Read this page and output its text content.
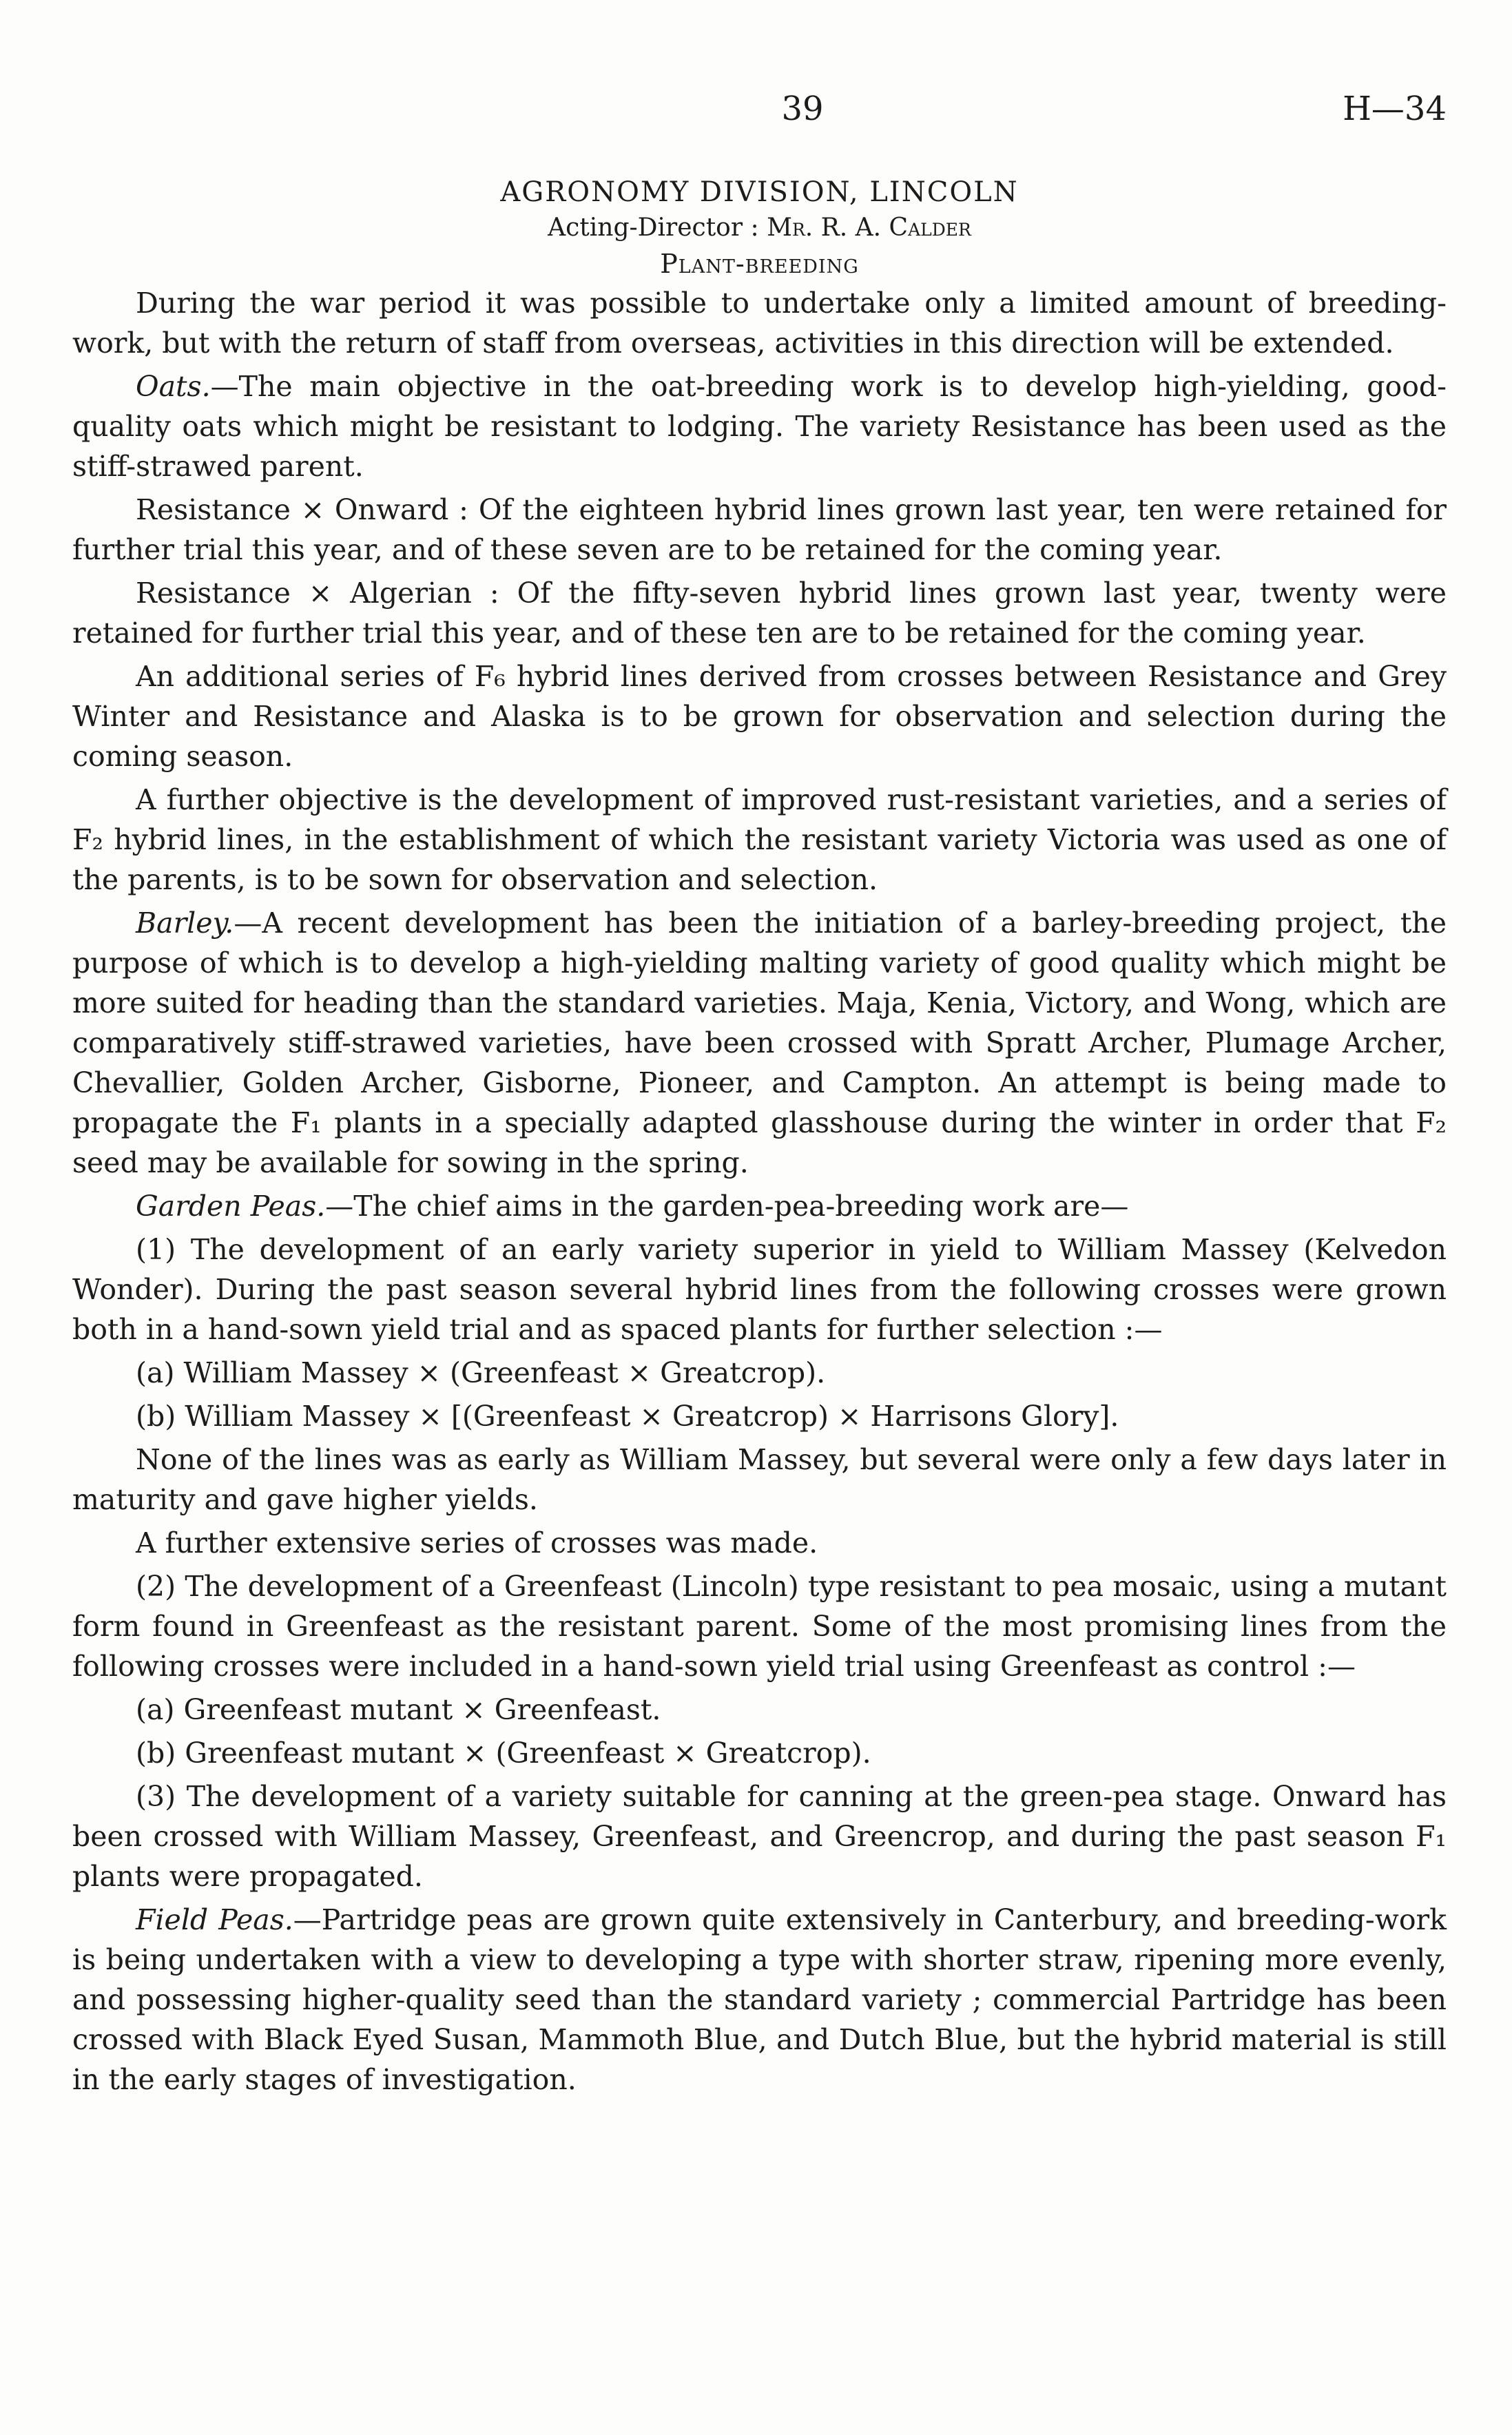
39	H—34
AGRONOMY DIVISION, LINCOLN
Acting-Director : Mr. R. A. Calder
Plant-breeding

During the war period it was possible to undertake only a limited amount of breeding-work, but with the return of staff from overseas, activities in this direction will be extended.

Oats.—The main objective in the oat-breeding work is to develop high-yielding, good-quality oats which might be resistant to lodging. The variety Resistance has been used as the stiff-strawed parent.

Resistance × Onward : Of the eighteen hybrid lines grown last year, ten were retained for further trial this year, and of these seven are to be retained for the coming year.

Resistance × Algerian : Of the fifty-seven hybrid lines grown last year, twenty were retained for further trial this year, and of these ten are to be retained for the coming year.

An additional series of F₆ hybrid lines derived from crosses between Resistance and Grey Winter and Resistance and Alaska is to be grown for observation and selection during the coming season.

A further objective is the development of improved rust-resistant varieties, and a series of F₂ hybrid lines, in the establishment of which the resistant variety Victoria was used as one of the parents, is to be sown for observation and selection.

Barley.—A recent development has been the initiation of a barley-breeding project, the purpose of which is to develop a high-yielding malting variety of good quality which might be more suited for heading than the standard varieties. Maja, Kenia, Victory, and Wong, which are comparatively stiff-strawed varieties, have been crossed with Spratt Archer, Plumage Archer, Chevallier, Golden Archer, Gisborne, Pioneer, and Campton. An attempt is being made to propagate the F₁ plants in a specially adapted glasshouse during the winter in order that F₂ seed may be available for sowing in the spring.

Garden Peas.—The chief aims in the garden-pea-breeding work are—

(1) The development of an early variety superior in yield to William Massey (Kelvedon Wonder). During the past season several hybrid lines from the following crosses were grown both in a hand-sown yield trial and as spaced plants for further selection :—

(a) William Massey × (Greenfeast × Greatcrop).

(b) William Massey × [(Greenfeast × Greatcrop) × Harrisons Glory].

None of the lines was as early as William Massey, but several were only a few days later in maturity and gave higher yields.

A further extensive series of crosses was made.

(2) The development of a Greenfeast (Lincoln) type resistant to pea mosaic, using a mutant form found in Greenfeast as the resistant parent. Some of the most promising lines from the following crosses were included in a hand-sown yield trial using Greenfeast as control :—

(a) Greenfeast mutant × Greenfeast.

(b) Greenfeast mutant × (Greenfeast × Greatcrop).

(3) The development of a variety suitable for canning at the green-pea stage. Onward has been crossed with William Massey, Greenfeast, and Greencrop, and during the past season F₁ plants were propagated.

Field Peas.—Partridge peas are grown quite extensively in Canterbury, and breeding-work is being undertaken with a view to developing a type with shorter straw, ripening more evenly, and possessing higher-quality seed than the standard variety ; commercial Partridge has been crossed with Black Eyed Susan, Mammoth Blue, and Dutch Blue, but the hybrid material is still in the early stages of investigation.
